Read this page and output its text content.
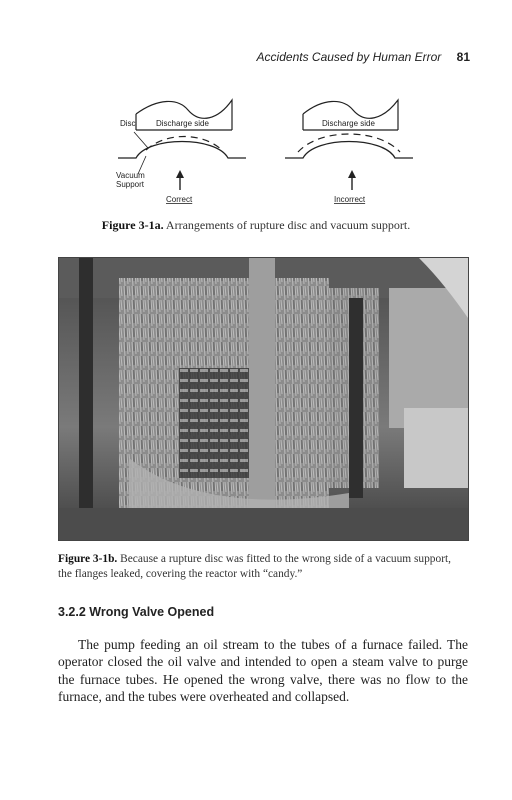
Accidents Caused by Human Error 81
Disc	Discharge side
Vacuum
Support
Correct
Discharge side
Incorrect
Figure 3-1a. Arrangements of rupture disc and vacuum support.
Figure 3-1b. Because a rupture disc was fitted to the wrong side of a vacuum support, the flanges leaked, covering the reactor with “candy.”
3.2.2 Wrong Valve Opened

The pump feeding an oil stream to the tubes of a furnace failed. The operator closed the oil valve and intended to open a steam valve to purge the furnace tubes. He opened the wrong valve, there was no flow to the furnace, and the tubes were overheated and collapsed.
